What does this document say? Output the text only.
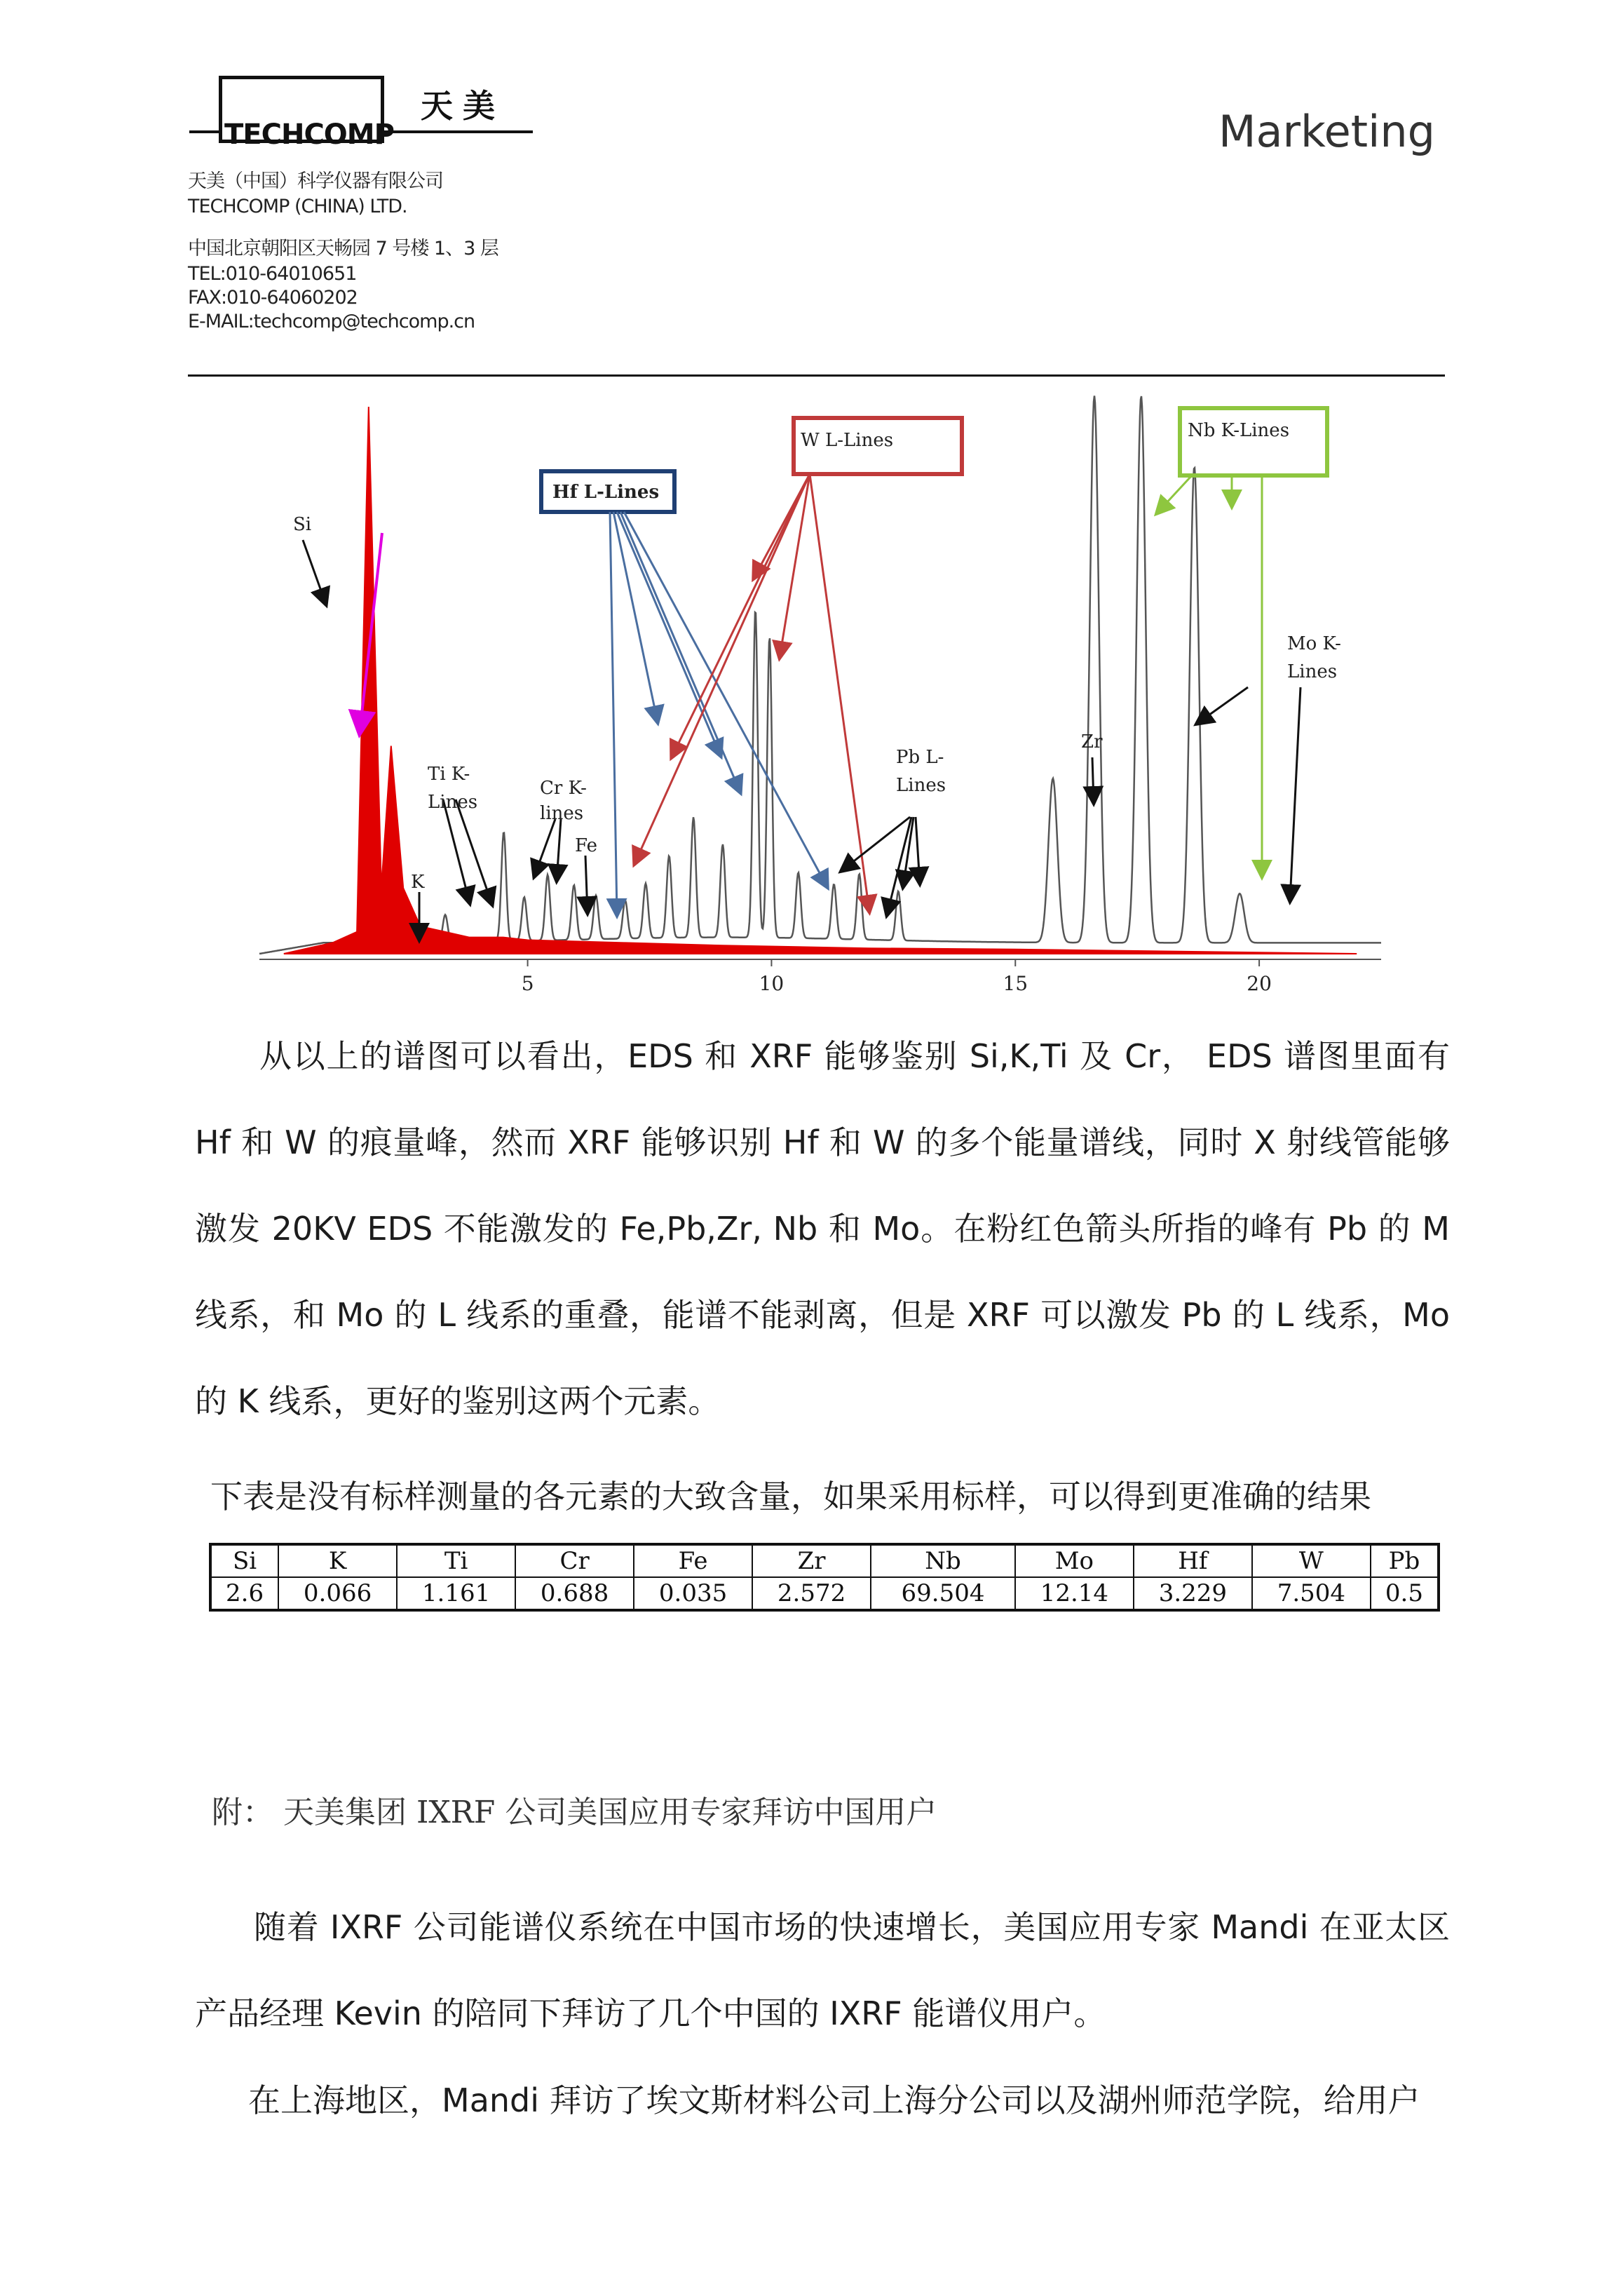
TECHCOMP
天美	Marketing
天美（中国）科学仪器有限公司
TECHCOMP (CHINA) LTD.
中国北京朝阳区天畅园 7 号楼 1、3 层
TEL:010-64010651
FAX:010-64060202
E-MAIL:techcomp@techcomp.cn
5	10	15	20
Si
K
Ti K-
Lines
Cr K-
lines
Fe
Hf L-Lines
W L-Lines
Pb L-
Lines
Zr
Nb K-Lines
Mo K-
Lines
从以上的谱图可以看出，EDS 和 XRF 能够鉴别 Si,K,Ti 及 Cr， EDS 谱图里面有 Hf 和 W 的痕量峰，然而 XRF 能够识别 Hf 和 W 的多个能量谱线，同时 X 射线管能够激发 20KV EDS 不能激发的 Fe,Pb,Zr, Nb 和 Mo。在粉红色箭头所指的峰有 Pb 的 M 线系，和 Mo 的 L 线系的重叠，能谱不能剥离，但是 XRF 可以激发 Pb 的 L 线系，Mo 的 K 线系，更好的鉴别这两个元素。
下表是没有标样测量的各元素的大致含量，如果采用标样，可以得到更准确的结果
Si	K	Ti	Cr	Fe	Zr	Nb	Mo	Hf	W	Pb
2.6	0.066	1.161	0.688	0.035	2.572	69.504	12.14	3.229	7.504	0.5
附： 天美集团 IXRF 公司美国应用专家拜访中国用户
随着 IXRF 公司能谱仪系统在中国市场的快速增长，美国应用专家 Mandi 在亚太区产品经理 Kevin 的陪同下拜访了几个中国的 IXRF 能谱仪用户。
在上海地区，Mandi 拜访了埃文斯材料公司上海分公司以及湖州师范学院，给用户
